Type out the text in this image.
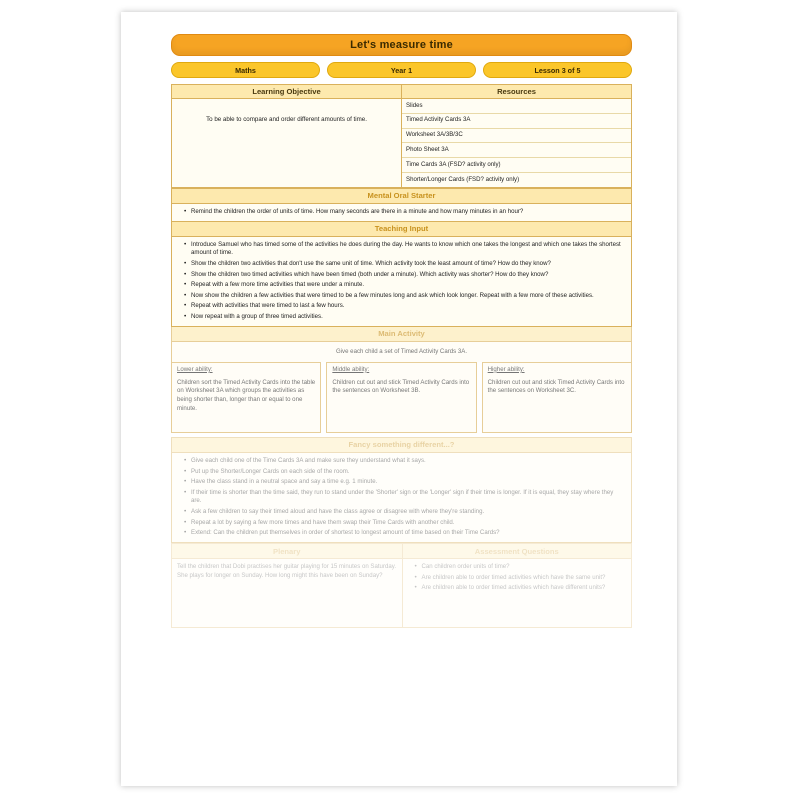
Let's measure time
Maths	Year 1	Lesson 3 of 5
Learning Objective	Resources
To be able to compare and order different amounts of time.	
Slides
Timed Activity Cards 3A
Worksheet 3A/3B/3C
Photo Sheet 3A
Time Cards 3A (FSD? activity only)
Shorter/Longer Cards (FSD? activity only)
Mental Oral Starter
• Remind the children the order of units of time. How many seconds are there in a minute and how many minutes in an hour?
Teaching Input
• Introduce Samuel who has timed some of the activities he does during the day. He wants to know which one takes the longest and which one takes the shortest amount of time.
• Show the children two activities that don't use the same unit of time. Which activity took the least amount of time? How do they know?
• Show the children two timed activities which have been timed (both under a minute). Which activity was shorter? How do they know?
• Repeat with a few more time activities that were under a minute.
• Now show the children a few activities that were timed to be a few minutes long and ask which look longer. Repeat with a few more of these activities.
• Repeat with activities that were timed to last a few hours.
• Now repeat with a group of three timed activities.
Main Activity
Give each child a set of Timed Activity Cards 3A.
Lower ability:
Children sort the Timed Activity Cards into the table on Worksheet 3A which groups the activities as being shorter than, longer than or equal to one minute.
Middle ability:
Children cut out and stick Timed Activity Cards into the sentences on Worksheet 3B.
Higher ability:
Children cut out and stick Timed Activity Cards into the sentences on Worksheet 3C.
Fancy something different...?
• Give each child one of the Time Cards 3A and make sure they understand what it says.
• Put up the Shorter/Longer Cards on each side of the room.
• Have the class stand in a neutral space and say a time e.g. 1 minute.
• If their time is shorter than the time said, they run to stand under the 'Shorter' sign or the 'Longer' sign if their time is longer. If it is equal, they stay where they are.
• Ask a few children to say their timed aloud and have the class agree or disagree with where they're standing.
• Repeat a lot by saying a few more times and have them swap their Time Cards with another child.
• Extend: Can the children put themselves in order of shortest to longest amount of time based on their Time Cards?
Plenary
Tell the children that Dobi practises her guitar playing for 15 minutes on Saturday. She plays for longer on Sunday. How long might this have been on Sunday?
Assessment Questions
• Can children order units of time?
• Are children able to order timed activities which have the same unit?
• Are children able to order timed activities which have different units?
